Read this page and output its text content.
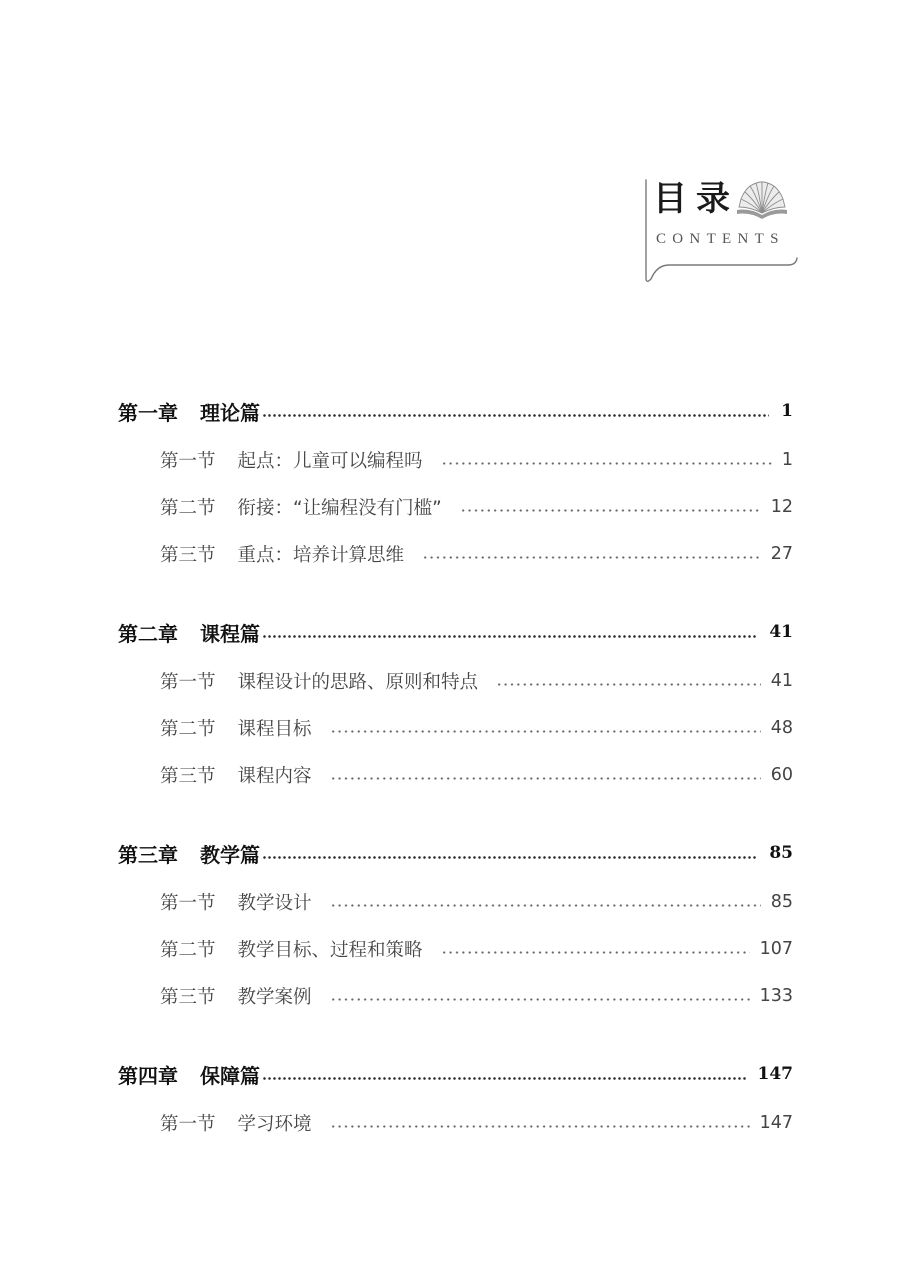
目录
CONTENTS
第一章 理论篇	1
第一节 起点：儿童可以编程吗	1
第二节 衔接：“让编程没有门槛”	12
第三节 重点：培养计算思维	27
第二章 课程篇	41
第一节 课程设计的思路、原则和特点	41
第二节 课程目标	48
第三节 课程内容	60
第三章 教学篇	85
第一节 教学设计	85
第二节 教学目标、过程和策略	107
第三节 教学案例	133
第四章 保障篇	147
第一节 学习环境	147
